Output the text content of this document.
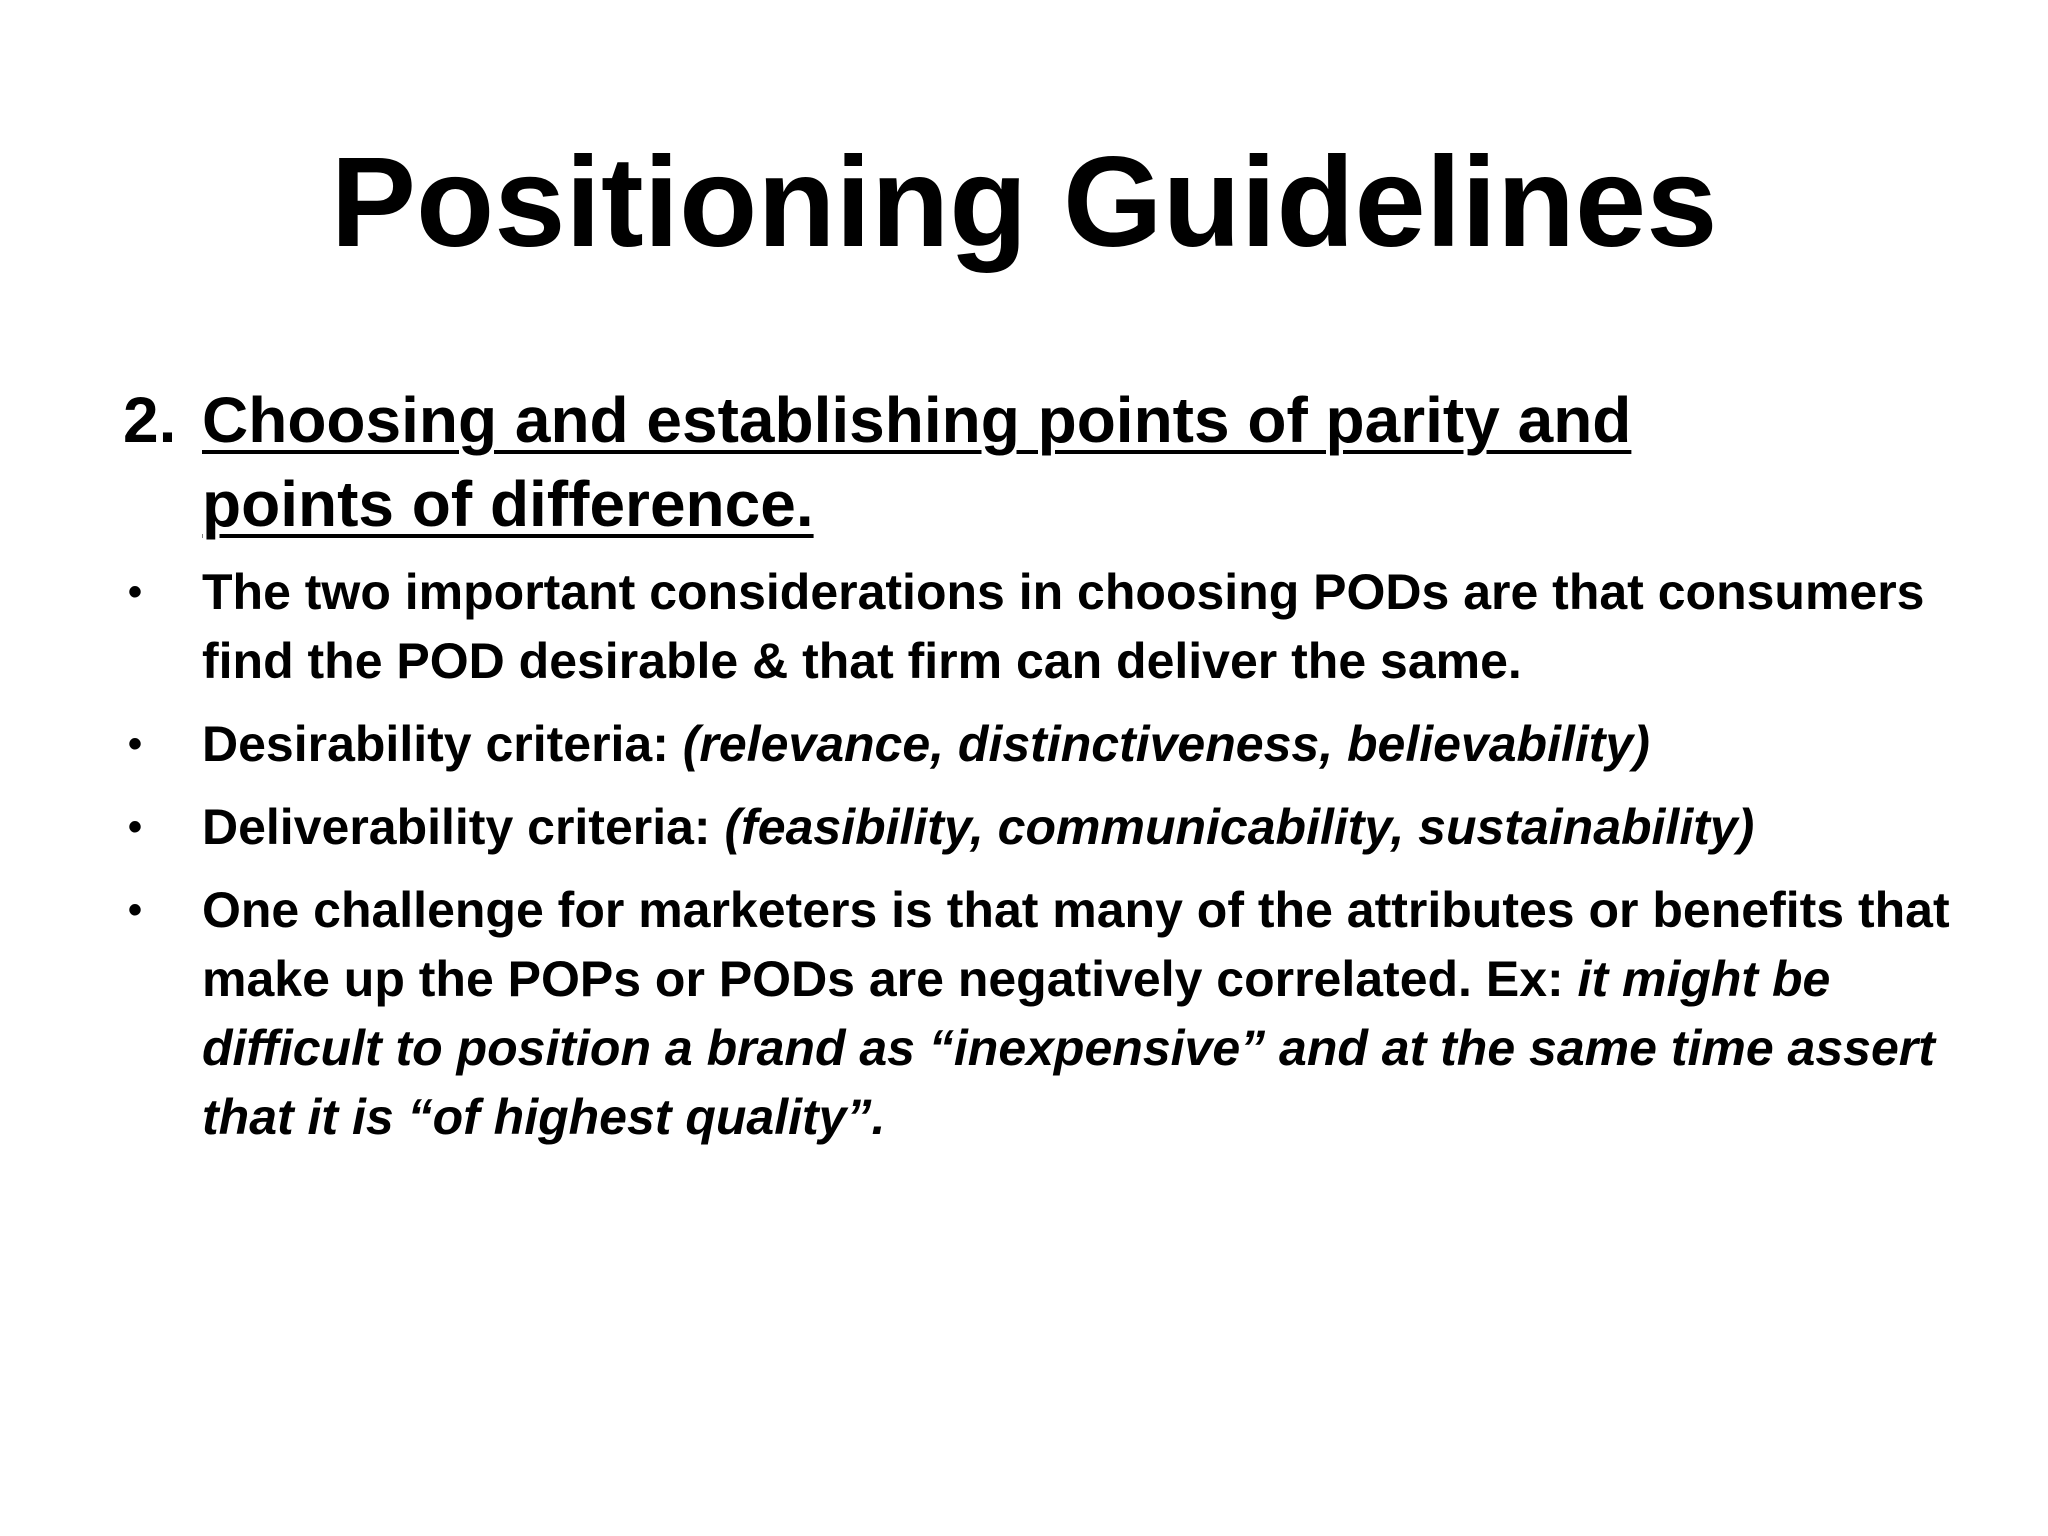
Positioning Guidelines
2. Choosing and establishing points of parity and
points of difference.
• The two important considerations in choosing PODs are that consumers find the POD desirable & that firm can deliver the same.
• Desirability criteria: (relevance, distinctiveness, believability)
• Deliverability criteria: (feasibility, communicability, sustainability)
• One challenge for marketers is that many of the attributes or benefits that make up the POPs or PODs are negatively correlated. Ex: it might be difficult to position a brand as “inexpensive” and at the same time assert that it is “of highest quality”.
